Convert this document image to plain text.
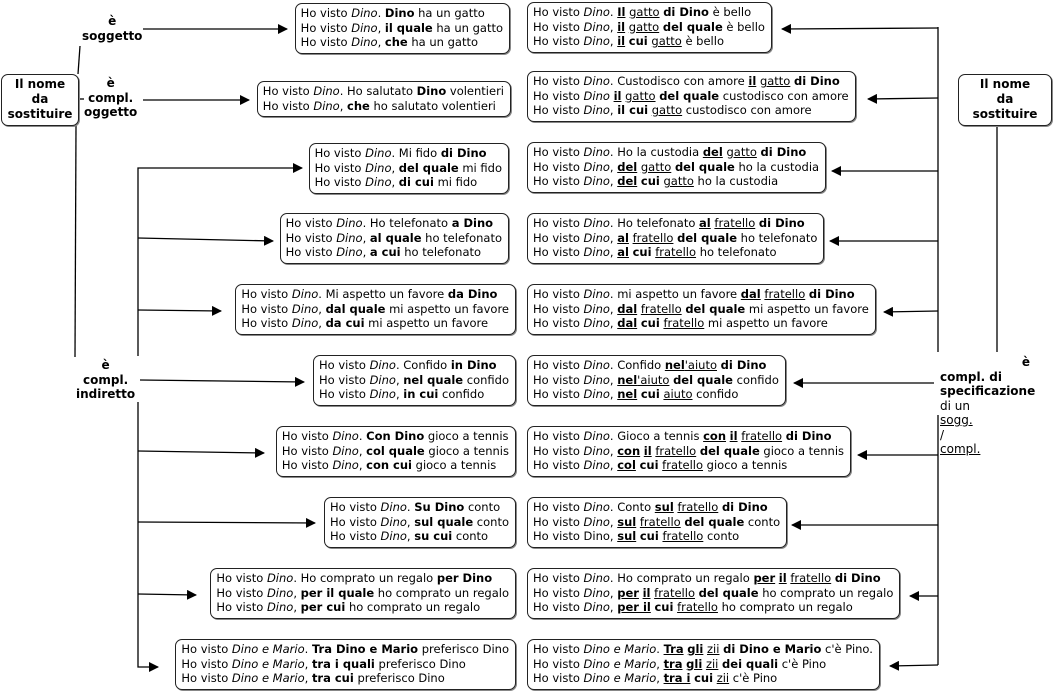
Il nome
da
sostituire
Il nome
da
sostituire
è
soggetto
è
compl.
oggetto
è
compl.
indiretto
è
compl. di
specificazione
di un
sogg.
/
compl.
Ho visto Dino. Dino ha un gatto
Ho visto Dino, il quale ha un gatto
Ho visto Dino, che ha un gatto
Ho visto Dino. Ho salutato Dino volentieri
Ho visto Dino, che ho salutato volentieri
Ho visto Dino. Mi fido di Dino
Ho visto Dino, del quale mi fido
Ho visto Dino, di cui mi fido
Ho visto Dino. Ho telefonato a Dino
Ho visto Dino, al quale ho telefonato
Ho visto Dino, a cui ho telefonato
Ho visto Dino. Mi aspetto un favore da Dino
Ho visto Dino, dal quale mi aspetto un favore
Ho visto Dino, da cui mi aspetto un favore
Ho visto Dino. Confido in Dino
Ho visto Dino, nel quale confido
Ho visto Dino, in cui confido
Ho visto Dino. Con Dino gioco a tennis
Ho visto Dino, col quale gioco a tennis
Ho visto Dino, con cui gioco a tennis
Ho visto Dino. Su Dino conto
Ho visto Dino, sul quale conto
Ho visto Dino, su cui conto
Ho visto Dino. Ho comprato un regalo per Dino
Ho visto Dino, per il quale ho comprato un regalo
Ho visto Dino, per cui ho comprato un regalo
Ho visto Dino e Mario. Tra Dino e Mario preferisco Dino
Ho visto Dino e Mario, tra i quali preferisco Dino
Ho visto Dino e Mario, tra cui preferisco Dino
Ho visto Dino. Il gatto di Dino è bello
Ho visto Dino, il gatto del quale è bello
Ho visto Dino, il cui gatto è bello
Ho visto Dino. Custodisco con amore il gatto di Dino
Ho visto Dino il gatto del quale custodisco con amore
Ho visto Dino, il cui gatto custodisco con amore
Ho visto Dino. Ho la custodia del gatto di Dino
Ho visto Dino, del gatto del quale ho la custodia
Ho visto Dino, del cui gatto ho la custodia
Ho visto Dino. Ho telefonato al fratello di Dino
Ho visto Dino, al fratello del quale ho telefonato
Ho visto Dino, al cui fratello ho telefonato
Ho visto Dino. mi aspetto un favore dal fratello di Dino
Ho visto Dino, dal fratello del quale mi aspetto un favore
Ho visto Dino, dal cui fratello mi aspetto un favore
Ho visto Dino. Confido nel'aiuto di Dino
Ho visto Dino, nel'aiuto del quale confido
Ho visto Dino, nel cui aiuto confido
Ho visto Dino. Gioco a tennis con il fratello di Dino
Ho visto Dino, con il fratello del quale gioco a tennis
Ho visto Dino, col cui fratello gioco a tennis
Ho visto Dino. Conto sul fratello di Dino
Ho visto Dino, sul fratello del quale conto
Ho visto Dino, sul cui fratello conto
Ho visto Dino. Ho comprato un regalo per il fratello di Dino
Ho visto Dino, per il fratello del quale ho comprato un regalo
Ho visto Dino, per il cui fratello ho comprato un regalo
Ho visto Dino e Mario. Tra gli zii di Dino e Mario c'è Pino.
Ho visto Dino e Mario, tra gli zii dei quali c'è Pino
Ho visto Dino e Mario, tra i cui zii c'è Pino
